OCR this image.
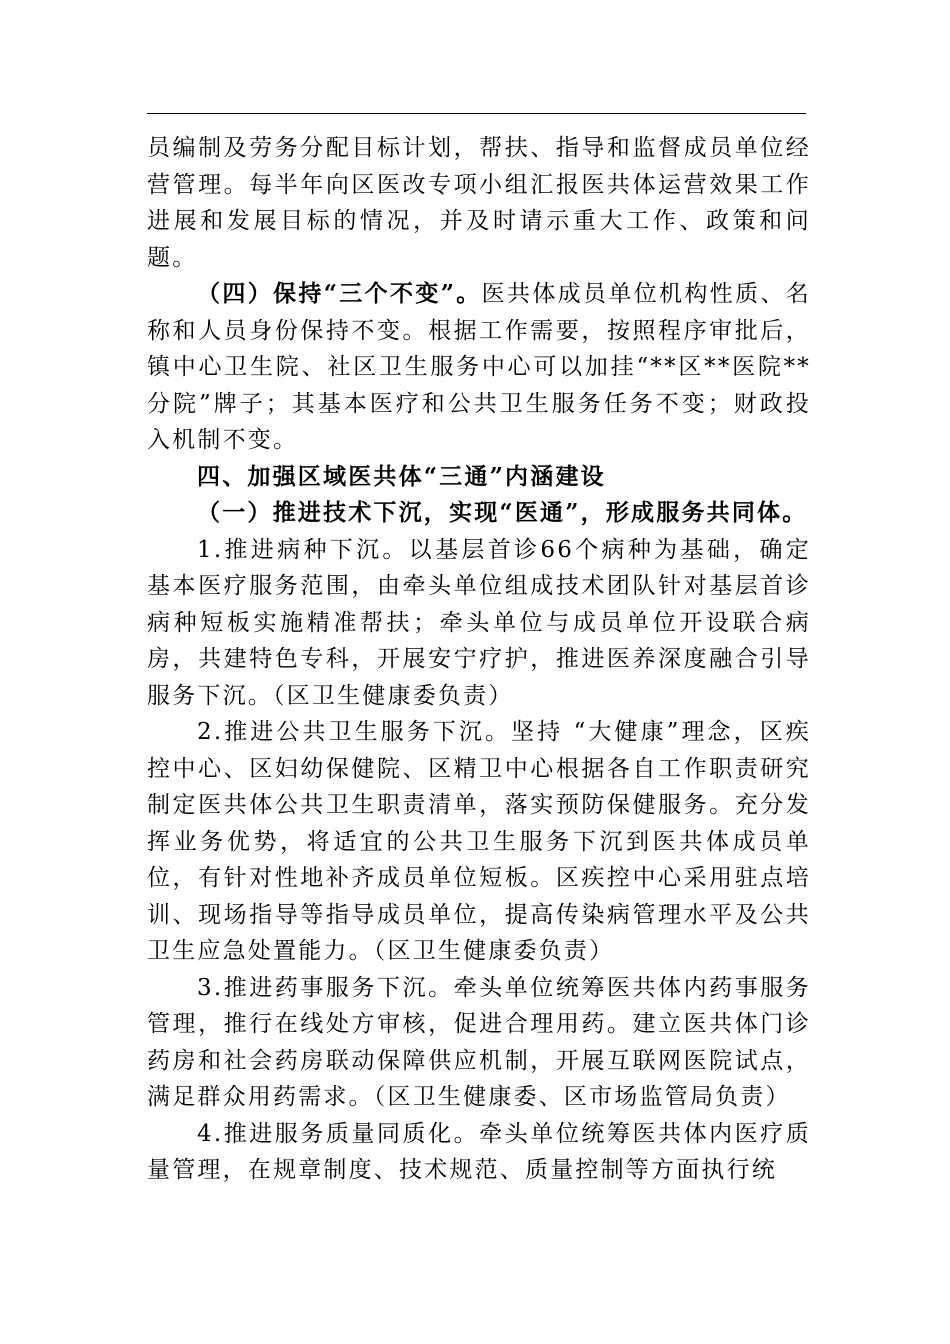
员编制及劳务分配目标计划，帮扶、指导和监督成员单位经营管理。每半年向区医改专项小组汇报医共体运营效果工作进展和发展目标的情况，并及时请示重大工作、政策和问题。

（四）保持“三个不变”。医共体成员单位机构性质、名称和人员身份保持不变。根据工作需要，按照程序审批后，镇中心卫生院、社区卫生服务中心可以加挂“**区**医院**分院”牌子；其基本医疗和公共卫生服务任务不变；财政投入机制不变。

四、加强区域医共体“三通”内涵建设

（一）推进技术下沉，实现“医通”，形成服务共同体。

1.推进病种下沉。以基层首诊66个病种为基础，确定基本医疗服务范围，由牵头单位组成技术团队针对基层首诊病种短板实施精准帮扶；牵头单位与成员单位开设联合病房，共建特色专科，开展安宁疗护，推进医养深度融合引导服务下沉。（区卫生健康委负责）

2.推进公共卫生服务下沉。坚持 “大健康”理念，区疾控中心、区妇幼保健院、区精卫中心根据各自工作职责研究制定医共体公共卫生职责清单，落实预防保健服务。充分发挥业务优势，将适宜的公共卫生服务下沉到医共体成员单位，有针对性地补齐成员单位短板。区疾控中心采用驻点培训、现场指导等指导成员单位，提高传染病管理水平及公共卫生应急处置能力。（区卫生健康委负责）

3.推进药事服务下沉。牵头单位统筹医共体内药事服务管理，推行在线处方审核，促进合理用药。建立医共体门诊药房和社会药房联动保障供应机制，开展互联网医院试点，满足群众用药需求。（区卫生健康委、区市场监管局负责）

4.推进服务质量同质化。牵头单位统筹医共体内医疗质量管理，在规章制度、技术规范、质量控制等方面执行统
